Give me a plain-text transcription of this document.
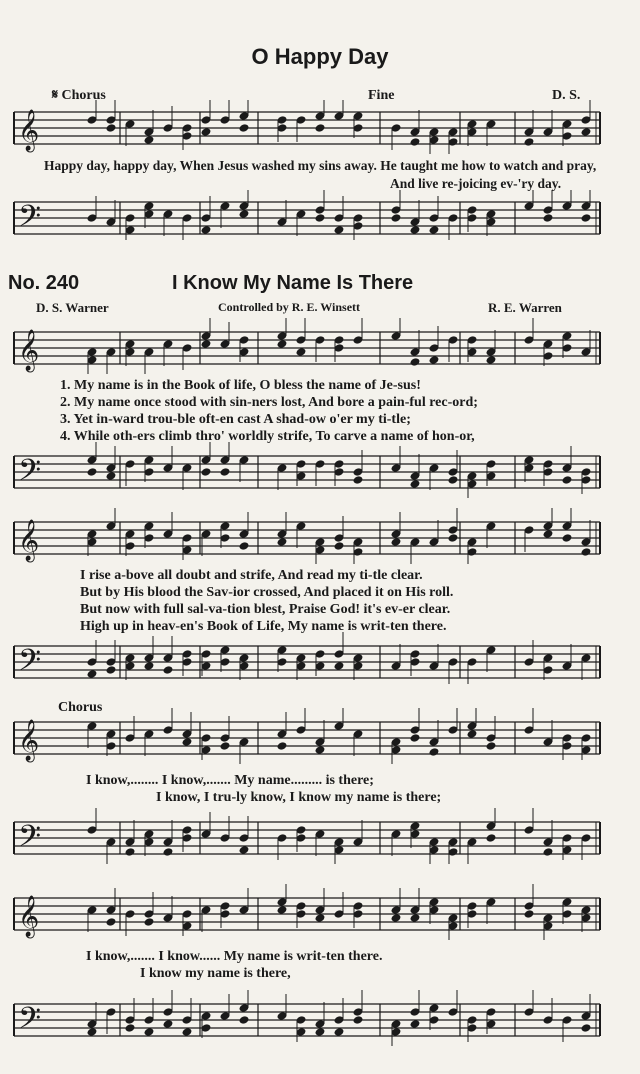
O Happy Day
𝄋 Chorus	Fine	D. S.
𝄞
Happy day, happy day, When Jesus washed my sins away. He taught me how to watch and pray,
And live re-joicing ev-'ry day.
𝄢
No. 240	I Know My Name Is There
D. S. Warner	Controlled by R. E. Winsett	R. E. Warren
𝄞
1. My name is in the Book of life, O bless the name of Je-sus!
2. My name once stood with sin-ners lost, And bore a pain-ful rec-ord;
3. Yet in-ward trou-ble oft-en cast A shad-ow o'er my ti-tle;
4. While oth-ers climb thro' worldly strife, To carve a name of hon-or,
𝄢
𝄞
I rise a-bove all doubt and strife, And read my ti-tle clear.
But by His blood the Sav-ior crossed, And placed it on His roll.
But now with full sal-va-tion blest, Praise God! it's ev-er clear.
High up in heav-en's Book of Life, My name is writ-ten there.
𝄢
Chorus
𝄞
I know,........ I know,....... My name......... is there;
I know, I tru-ly know, I know my name is there;
𝄢
𝄞
I know,....... I know...... My name is writ-ten there.
I know my name is there,
𝄢
